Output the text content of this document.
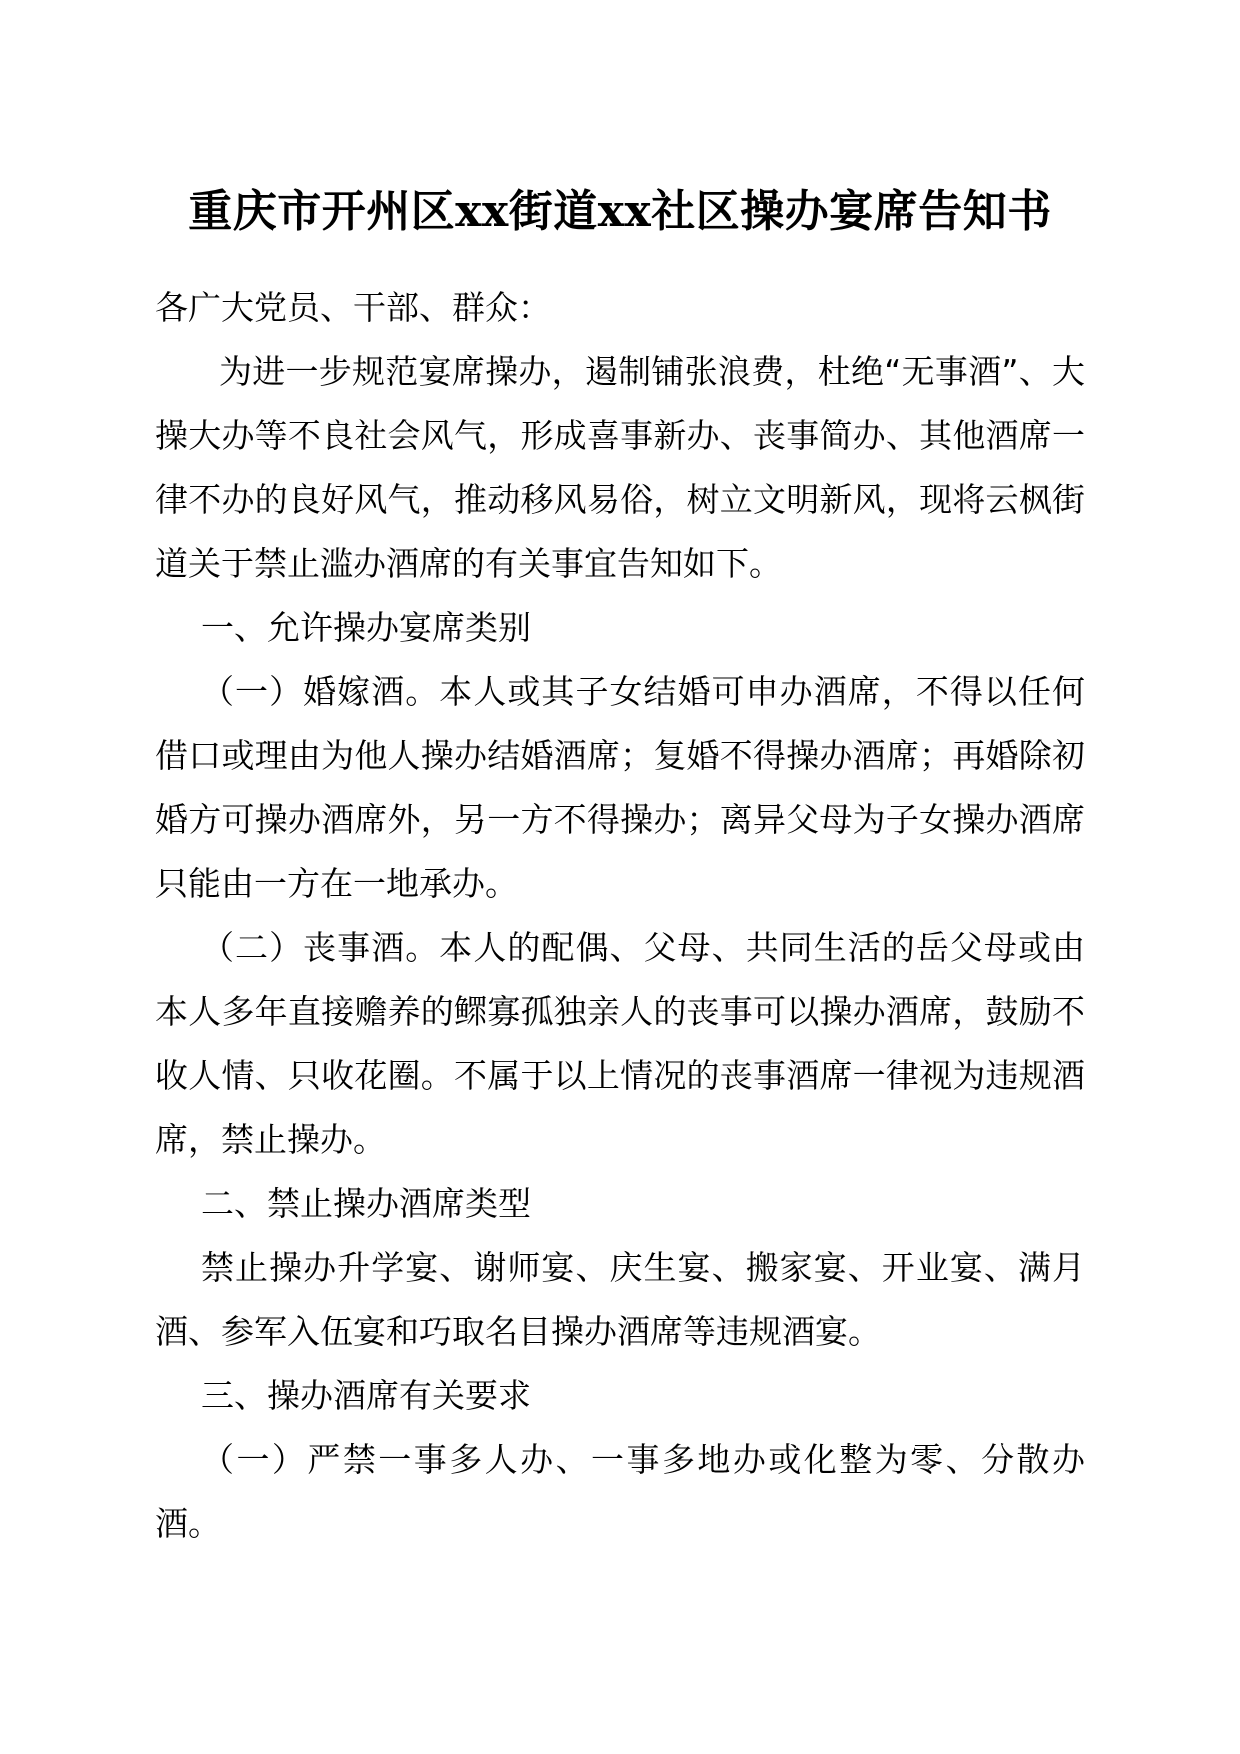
重庆市开州区xx街道xx社区操办宴席告知书

各广大党员、干部、群众：

为进一步规范宴席操办，遏制铺张浪费，杜绝“无事酒”、大操大办等不良社会风气，形成喜事新办、丧事简办、其他酒席一律不办的良好风气，推动移风易俗，树立文明新风，现将云枫街道关于禁止滥办酒席的有关事宜告知如下。

一、允许操办宴席类别

（一）婚嫁酒。本人或其子女结婚可申办酒席，不得以任何借口或理由为他人操办结婚酒席；复婚不得操办酒席；再婚除初婚方可操办酒席外，另一方不得操办；离异父母为子女操办酒席只能由一方在一地承办。

（二）丧事酒。本人的配偶、父母、共同生活的岳父母或由本人多年直接赡养的鳏寡孤独亲人的丧事可以操办酒席，鼓励不收人情、只收花圈。不属于以上情况的丧事酒席一律视为违规酒席，禁止操办。

二、禁止操办酒席类型

禁止操办升学宴、谢师宴、庆生宴、搬家宴、开业宴、满月酒、参军入伍宴和巧取名目操办酒席等违规酒宴。

三、操办酒席有关要求

（一）严禁一事多人办、一事多地办或化整为零、分散办酒。
